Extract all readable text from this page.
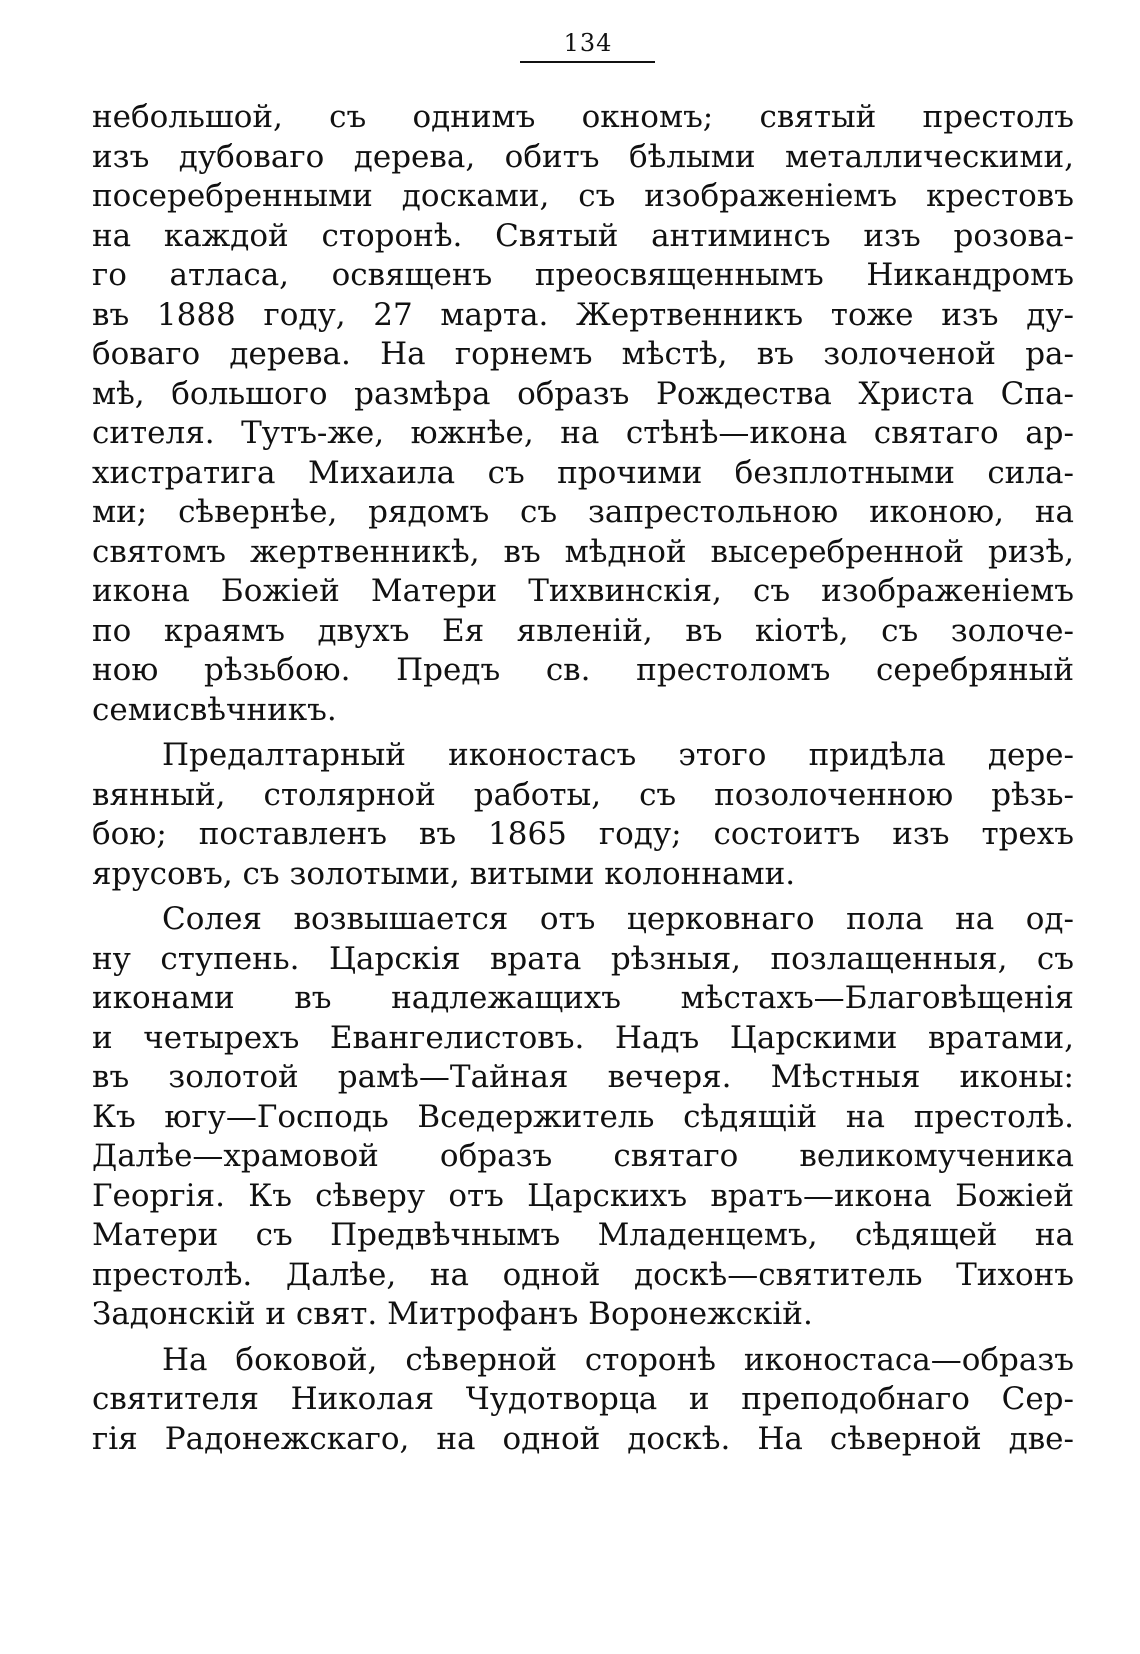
134
небольшой, съ однимъ окномъ; святый престолъ
изъ дубоваго дерева, обитъ бѣлыми металлическими,
посеребренными досками, съ изображеніемъ крестовъ
на каждой сторонѣ. Святый антиминсъ изъ розова-
го атласа, освященъ преосвященнымъ Никандромъ
въ 1888 году, 27 марта. Жертвенникъ тоже изъ ду-
боваго дерева. На горнемъ мѣстѣ, въ золоченой ра-
мѣ, большого размѣра образъ Рождества Христа Спа-
сителя. Тутъ-же, южнѣе, на стѣнѣ—икона святаго ар-
хистратига Михаила съ прочими безплотными сила-
ми; сѣвернѣе, рядомъ съ запрестольною иконою, на
святомъ жертвенникѣ, въ мѣдной высеребренной ризѣ,
икона Божіей Матери Тихвинскія, съ изображеніемъ
по краямъ двухъ Ея явленій, въ кіотѣ, съ золоче-
ною рѣзьбою. Предъ св. престоломъ серебряный
семисвѣчникъ.
Предалтарный иконостасъ этого придѣла дере-
вянный, столярной работы, съ позолоченною рѣзь-
бою; поставленъ въ 1865 году; состоитъ изъ трехъ
ярусовъ, съ золотыми, витыми колоннами.
Солея возвышается отъ церковнаго пола на од-
ну ступень. Царскія врата рѣзныя, позлащенныя, съ
иконами въ надлежащихъ мѣстахъ—Благовѣщенія
и четырехъ Евангелистовъ. Надъ Царскими вратами,
въ золотой рамѣ—Тайная вечеря. Мѣстныя иконы:
Къ югу—Господь Вседержитель сѣдящій на престолѣ.
Далѣе—храмовой образъ святаго великомученика
Георгія. Къ сѣверу отъ Царскихъ вратъ—икона Божіей
Матери съ Предвѣчнымъ Младенцемъ, сѣдящей на
престолѣ. Далѣе, на одной доскѣ—святитель Тихонъ
Задонскій и свят. Митрофанъ Воронежскій.
На боковой, сѣверной сторонѣ иконостаса—образъ
святителя Николая Чудотворца и преподобнаго Сер-
гія Радонежскаго, на одной доскѣ. На сѣверной две-
